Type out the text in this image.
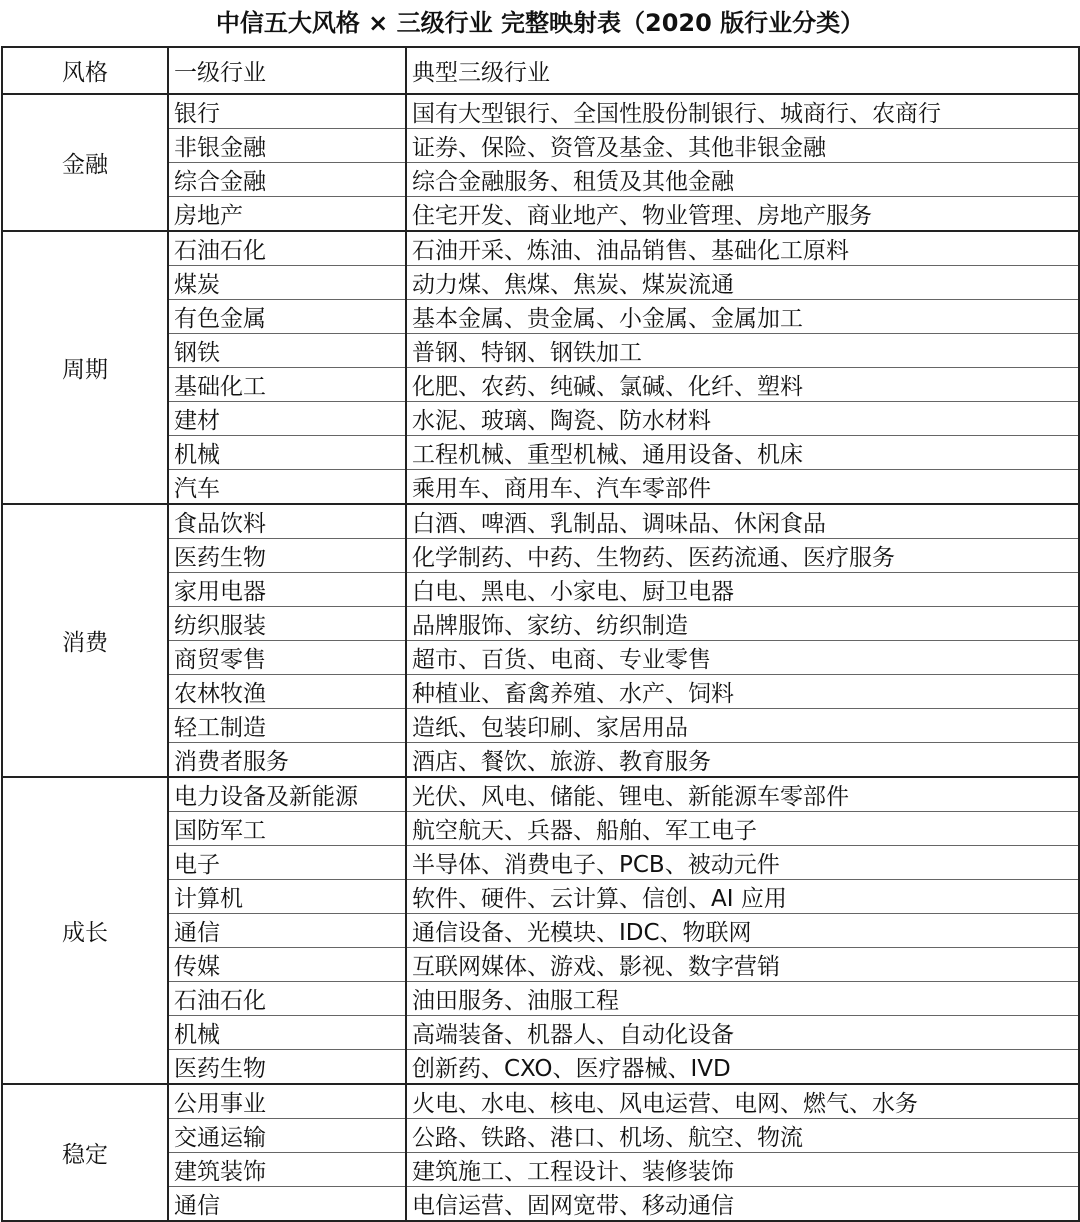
中信五大风格 × 三级行业 完整映射表（2020 版行业分类）
风格	一级行业	典型三级行业
金融	银行	国有大型银行、全国性股份制银行、城商行、农商行
	非银金融	证券、保险、资管及基金、其他非银金融
	综合金融	综合金融服务、租赁及其他金融
	房地产	住宅开发、商业地产、物业管理、房地产服务
周期	石油石化	石油开采、炼油、油品销售、基础化工原料
	煤炭	动力煤、焦煤、焦炭、煤炭流通
	有色金属	基本金属、贵金属、小金属、金属加工
	钢铁	普钢、特钢、钢铁加工
	基础化工	化肥、农药、纯碱、氯碱、化纤、塑料
	建材	水泥、玻璃、陶瓷、防水材料
	机械	工程机械、重型机械、通用设备、机床
	汽车	乘用车、商用车、汽车零部件
消费	食品饮料	白酒、啤酒、乳制品、调味品、休闲食品
	医药生物	化学制药、中药、生物药、医药流通、医疗服务
	家用电器	白电、黑电、小家电、厨卫电器
	纺织服装	品牌服饰、家纺、纺织制造
	商贸零售	超市、百货、电商、专业零售
	农林牧渔	种植业、畜禽养殖、水产、饲料
	轻工制造	造纸、包装印刷、家居用品
	消费者服务	酒店、餐饮、旅游、教育服务
成长	电力设备及新能源	光伏、风电、储能、锂电、新能源车零部件
	国防军工	航空航天、兵器、船舶、军工电子
	电子	半导体、消费电子、PCB、被动元件
	计算机	软件、硬件、云计算、信创、AI 应用
	通信	通信设备、光模块、IDC、物联网
	传媒	互联网媒体、游戏、影视、数字营销
	石油石化	油田服务、油服工程
	机械	高端装备、机器人、自动化设备
	医药生物	创新药、CXO、医疗器械、IVD
稳定	公用事业	火电、水电、核电、风电运营、电网、燃气、水务
	交通运输	公路、铁路、港口、机场、航空、物流
	建筑装饰	建筑施工、工程设计、装修装饰
	通信	电信运营、固网宽带、移动通信
